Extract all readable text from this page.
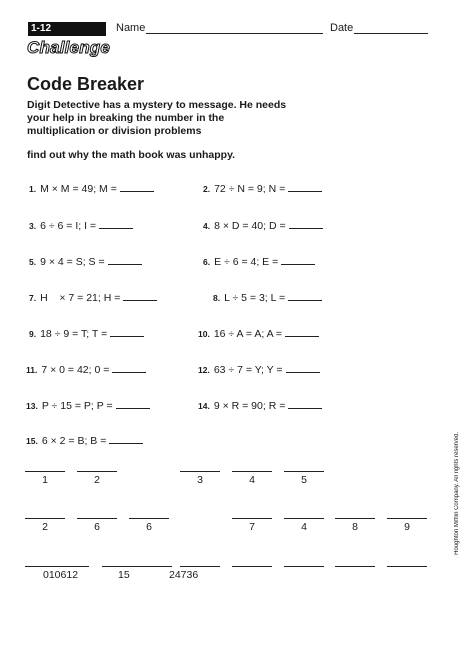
1-12
Challenge
Name	Date
Code Breaker
Digit Detective has a mystery to message. He needs your help in breaking the number in the multiplication or division problems
find out why the math book was unhappy.
1. M × M = 49; M =	2. 72 ÷ N = 9; N =
3. 6 ÷ 6 = I; I =	4. 8 × D = 40; D =
5. 9 × 4 = S; S =	6. E ÷ 6 = 4; E =
7. H    × 7 = 21; H =	8. L ÷ 5 = 3; L =
9. 18 ÷ 9 = T; T =	10. 16 ÷ A = A; A =
11. 7 × 0 = 42; 0 =	12. 63 ÷ 7 = Y; Y =
13. P ÷ 15 = P; P =	14. 9 × R = 90; R =
15. 6 × 2 = B; B =
1	2	3	4	5
2	6	6	7	4	8	9
010612	15	24736
Houghton Mifflin Company. All rights reserved.
